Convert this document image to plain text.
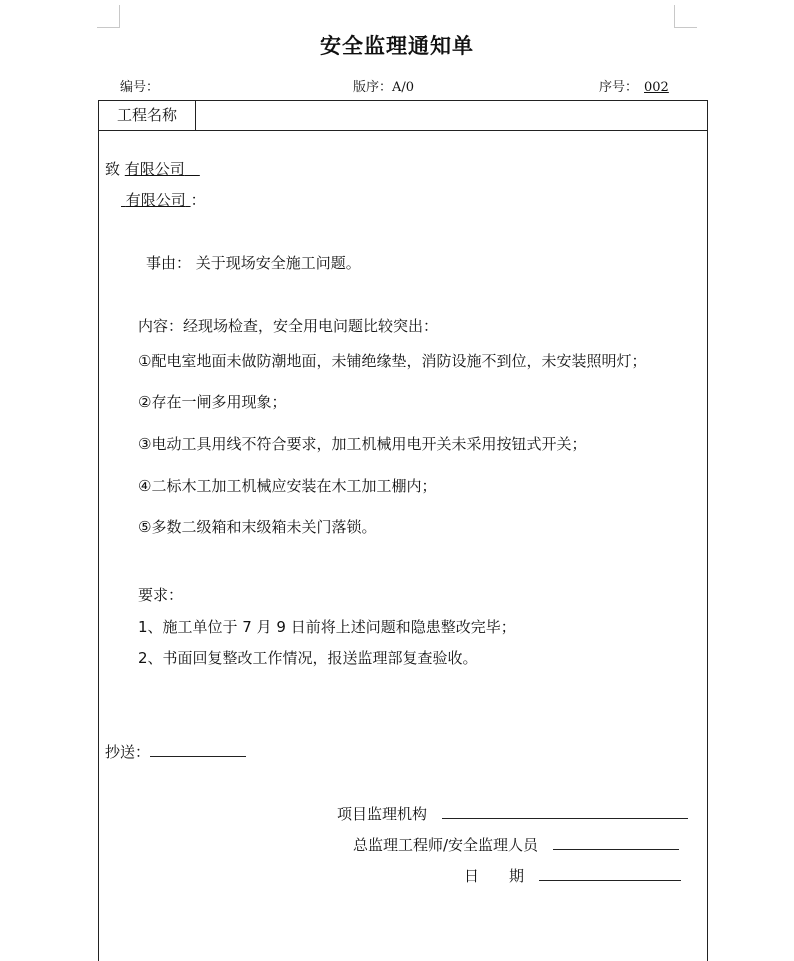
安全监理通知单
编号：	版序：A/0	序号： 002
工程名称
致 有限公司　
有限公司 ：
事由： 关于现场安全施工问题。
内容：经现场检查，安全用电问题比较突出：
①配电室地面未做防潮地面，未铺绝缘垫，消防设施不到位，未安装照明灯；
②存在一闸多用现象；
③电动工具用线不符合要求，加工机械用电开关未采用按钮式开关；
④二标木工加工机械应安装在木工加工棚内；
⑤多数二级箱和末级箱未关门落锁。
要求：
1、施工单位于 7 月 9 日前将上述问题和隐患整改完毕；
2、书面回复整改工作情况，报送监理部复查验收。
抄送：
项目监理机构
总监理工程师/安全监理人员
日　　期
